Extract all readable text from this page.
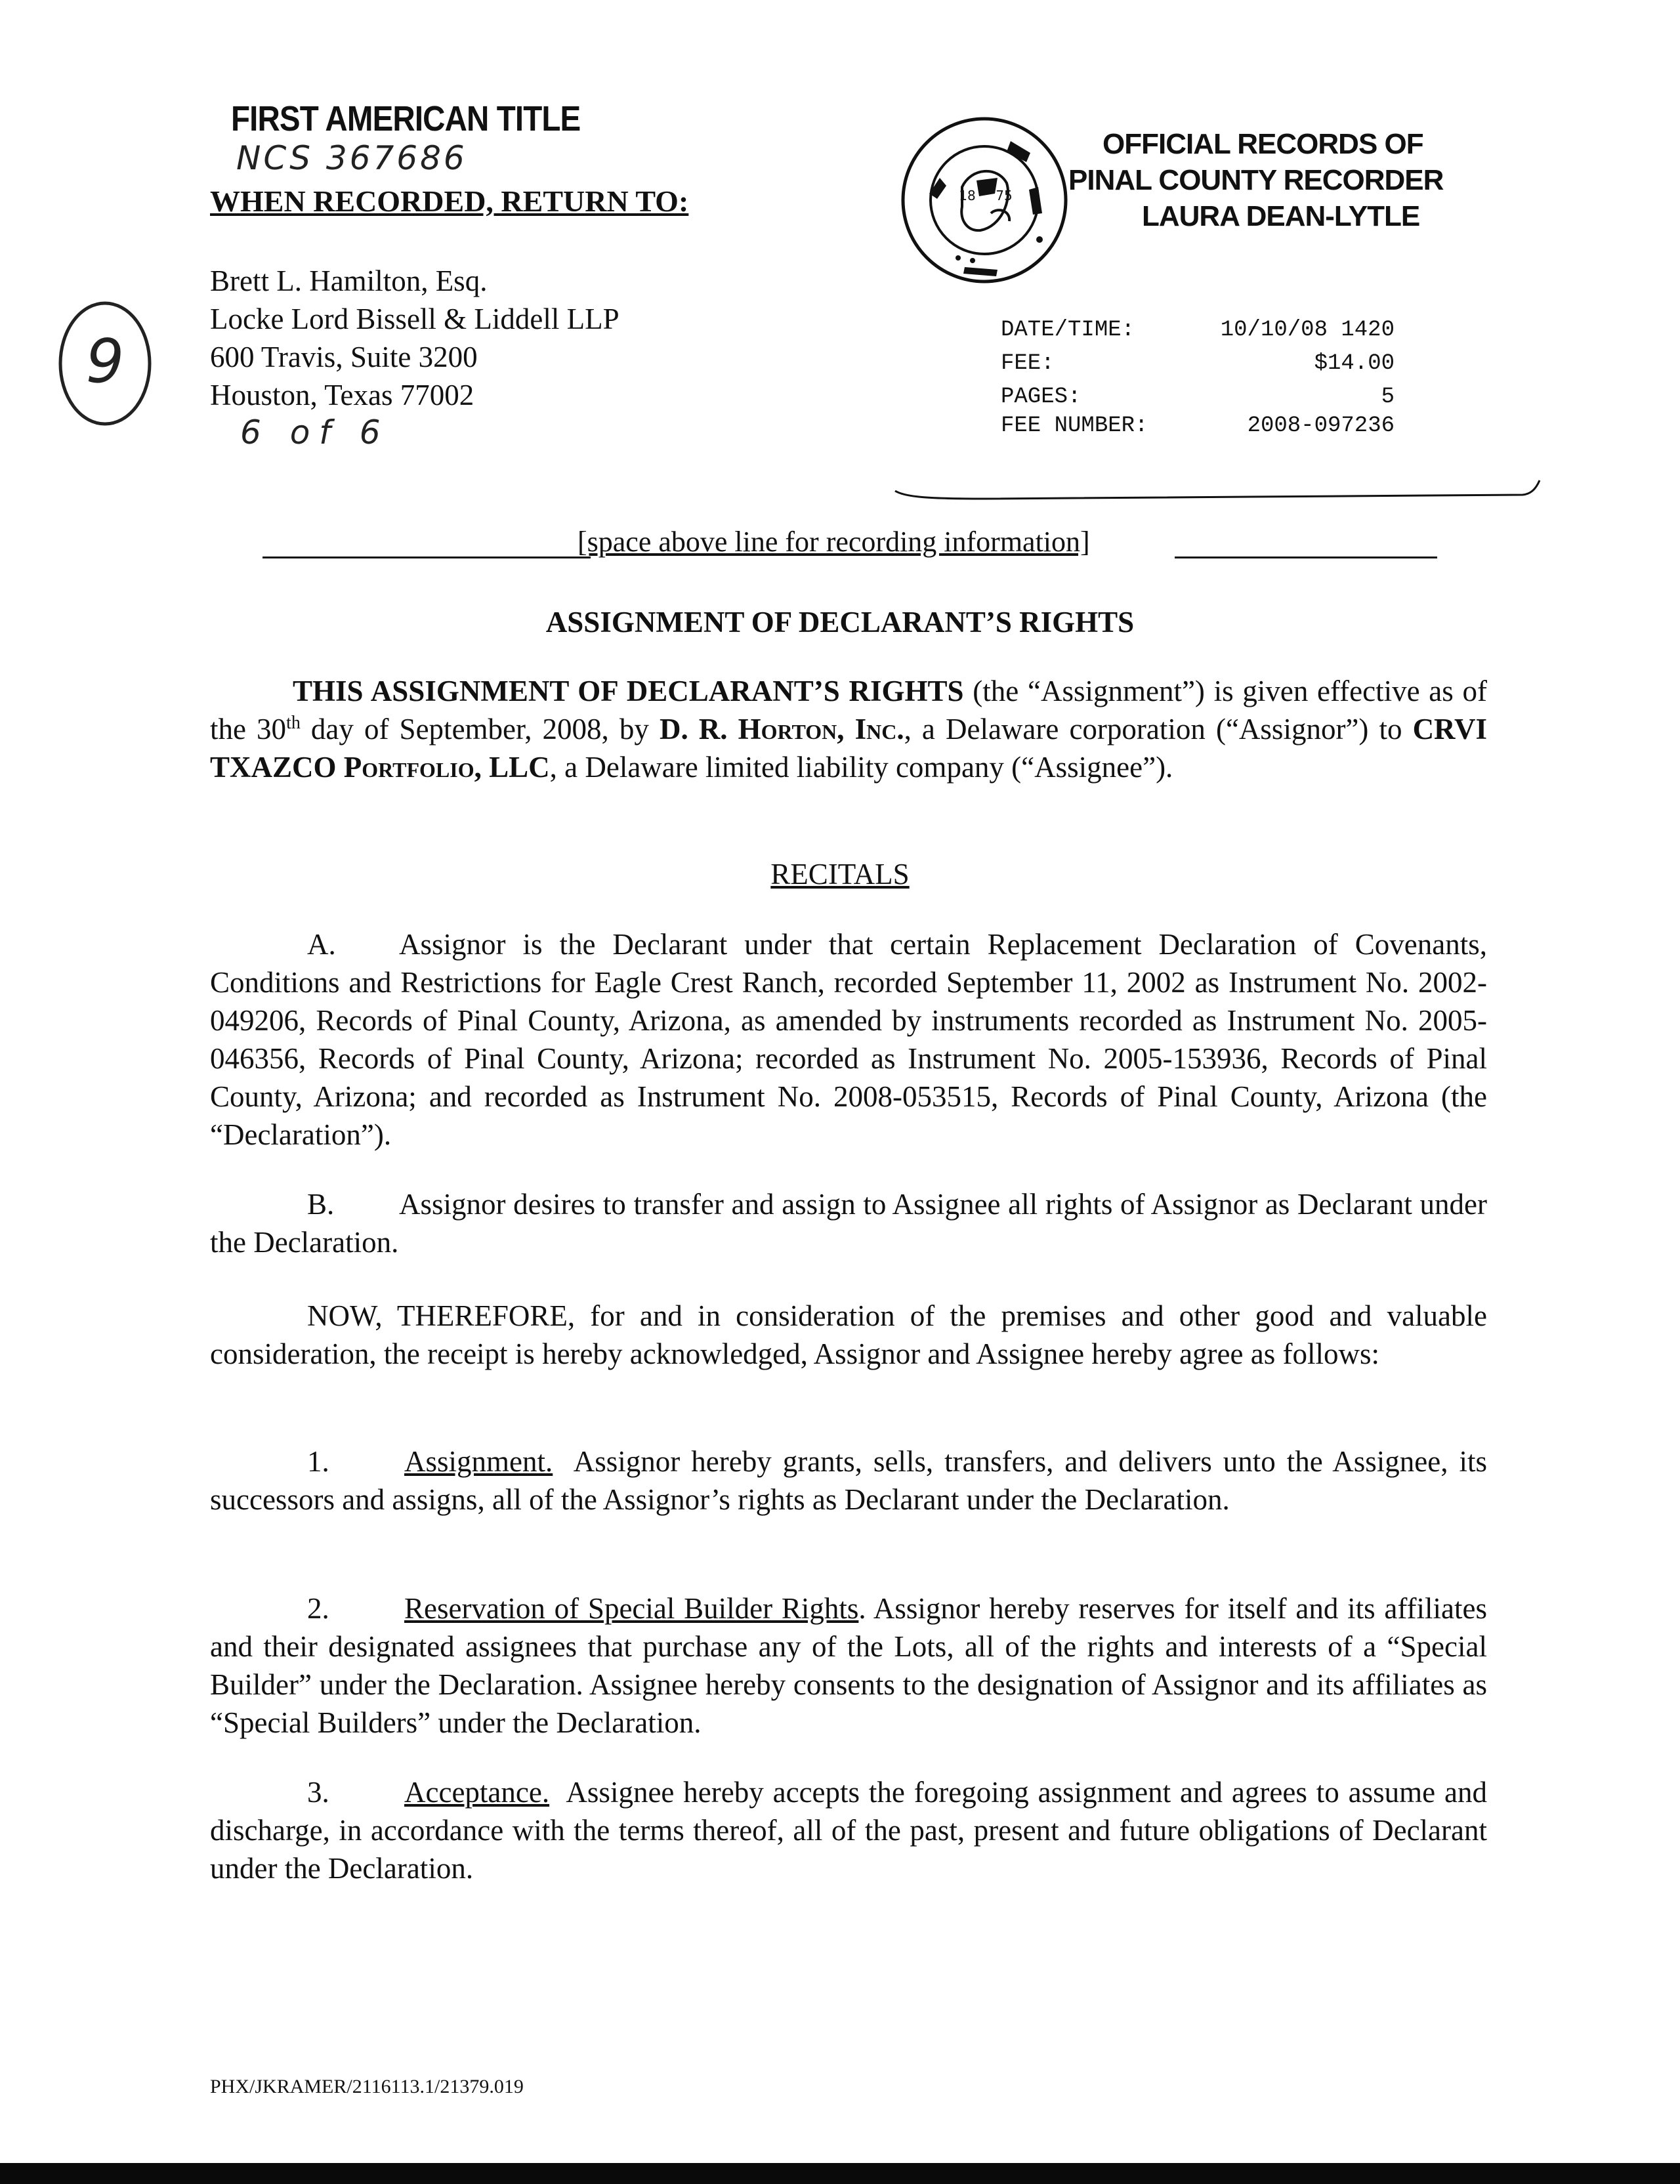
FIRST AMERICAN TITLE
NCS 367686
WHEN RECORDED, RETURN TO:
Brett L. Hamilton, Esq.
Locke Lord Bissell & Liddell LLP
600 Travis, Suite 3200
Houston, Texas 77002
6 of 6
9
18 75
OFFICIAL RECORDS OF
PINAL COUNTY RECORDER
LAURA DEAN-LYTLE
DATE/TIME:	10/10/08 1420
FEE:	$14.00
PAGES:	5
FEE NUMBER:	2008-097236
[space above line for recording information]
ASSIGNMENT OF DECLARANT’S RIGHTS
THIS ASSIGNMENT OF DECLARANT’S RIGHTS (the “Assignment”) is given effective as of the 30th day of September, 2008, by D. R. Horton, Inc., a Delaware corporation (“Assignor”) to CRVI TXAZCO Portfolio, LLC, a Delaware limited liability company (“Assignee”).
RECITALS
A. Assignor is the Declarant under that certain Replacement Declaration of Covenants, Conditions and Restrictions for Eagle Crest Ranch, recorded September 11, 2002 as Instrument No. 2002-049206, Records of Pinal County, Arizona, as amended by instruments recorded as Instrument No. 2005-046356, Records of Pinal County, Arizona; recorded as Instrument No. 2005-153936, Records of Pinal County, Arizona; and recorded as Instrument No. 2008-053515, Records of Pinal County, Arizona (the “Declaration”).
B. Assignor desires to transfer and assign to Assignee all rights of Assignor as Declarant under the Declaration.
NOW, THEREFORE, for and in consideration of the premises and other good and valuable consideration, the receipt is hereby acknowledged, Assignor and Assignee hereby agree as follows:
1.	Assignment. Assignor hereby grants, sells, transfers, and delivers unto the Assignee, its successors and assigns, all of the Assignor’s rights as Declarant under the Declaration.
2.	Reservation of Special Builder Rights. Assignor hereby reserves for itself and its affiliates and their designated assignees that purchase any of the Lots, all of the rights and interests of a “Special Builder” under the Declaration. Assignee hereby consents to the designation of Assignor and its affiliates as “Special Builders” under the Declaration.
3.	Acceptance. Assignee hereby accepts the foregoing assignment and agrees to assume and discharge, in accordance with the terms thereof, all of the past, present and future obligations of Declarant under the Declaration.
PHX/JKRAMER/2116113.1/21379.019
